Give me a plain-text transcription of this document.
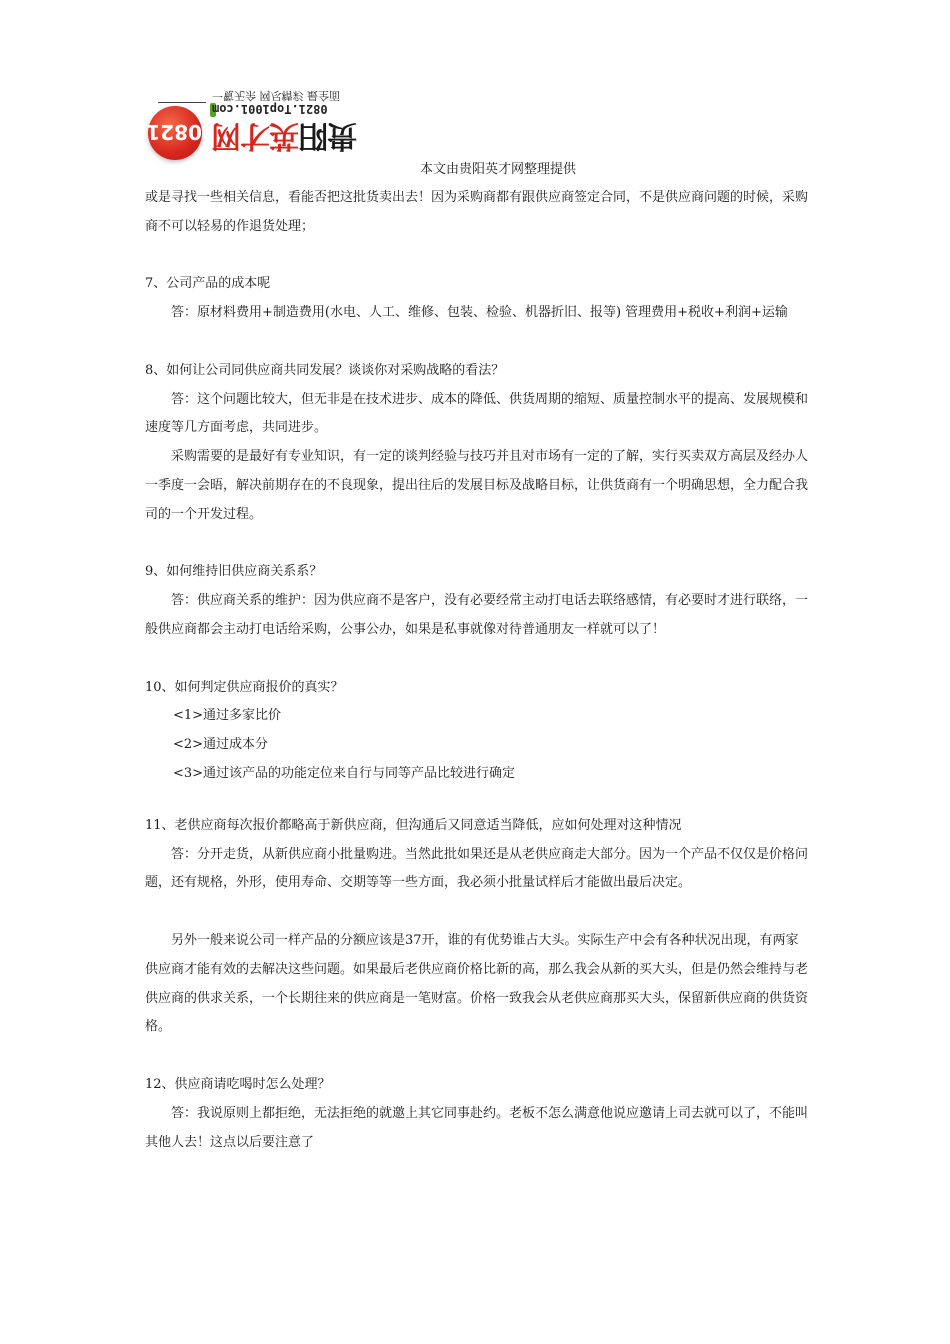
一覧无余 网尽精彩 最全面
0821.Top1001.com
0821	贵阳英才网
本文由贵阳英才网整理提供

或是寻找一些相关信息，看能否把这批货卖出去！因为采购商都有跟供应商签定合同，不是供应商问题的时候，采购商不可以轻易的作退货处理；

7、公司产品的成本呢

答：原材料费用+制造费用(水电、人工、维修、包装、检验、机器折旧、报等) 管理费用+税收+利润+运输

8、如何让公司同供应商共同发展？谈谈你对采购战略的看法？

答：这个问题比较大，但无非是在技术进步、成本的降低、供货周期的缩短、质量控制水平的提高、发展规模和速度等几方面考虑，共同进步。

采购需要的是最好有专业知识，有一定的谈判经验与技巧并且对市场有一定的了解，实行买卖双方高层及经办人一季度一会晤，解决前期存在的不良现象，提出往后的发展目标及战略目标，让供货商有一个明确思想，全力配合我司的一个开发过程。

9、如何维持旧供应商关系系？

答：供应商关系的维护：因为供应商不是客户，没有必要经常主动打电话去联络感情，有必要时才进行联络，一般供应商都会主动打电话给采购，公事公办，如果是私事就像对待普通朋友一样就可以了！

10、如何判定供应商报价的真实？

<1>通过多家比价

<2>通过成本分

<3>通过该产品的功能定位来自行与同等产品比较进行确定

11、老供应商每次报价都略高于新供应商，但沟通后又同意适当降低，应如何处理对这种情况

答：分开走货，从新供应商小批量购进。当然此批如果还是从老供应商走大部分。因为一个产品不仅仅是价格问题，还有规格，外形，使用寿命、交期等等一些方面，我必须小批量试样后才能做出最后决定。

另外一般来说公司一样产品的分额应该是37开，谁的有优势谁占大头。实际生产中会有各种状况出现，有两家供应商才能有效的去解决这些问题。如果最后老供应商价格比新的高，那么我会从新的买大头，但是仍然会维持与老供应商的供求关系，一个长期往来的供应商是一笔财富。价格一致我会从老供应商那买大头，保留新供应商的供货资格。

12、供应商请吃喝时怎么处理？

答：我说原则上都拒绝，无法拒绝的就邀上其它同事赴约。老板不怎么满意他说应邀请上司去就可以了，不能叫其他人去！这点以后要注意了
